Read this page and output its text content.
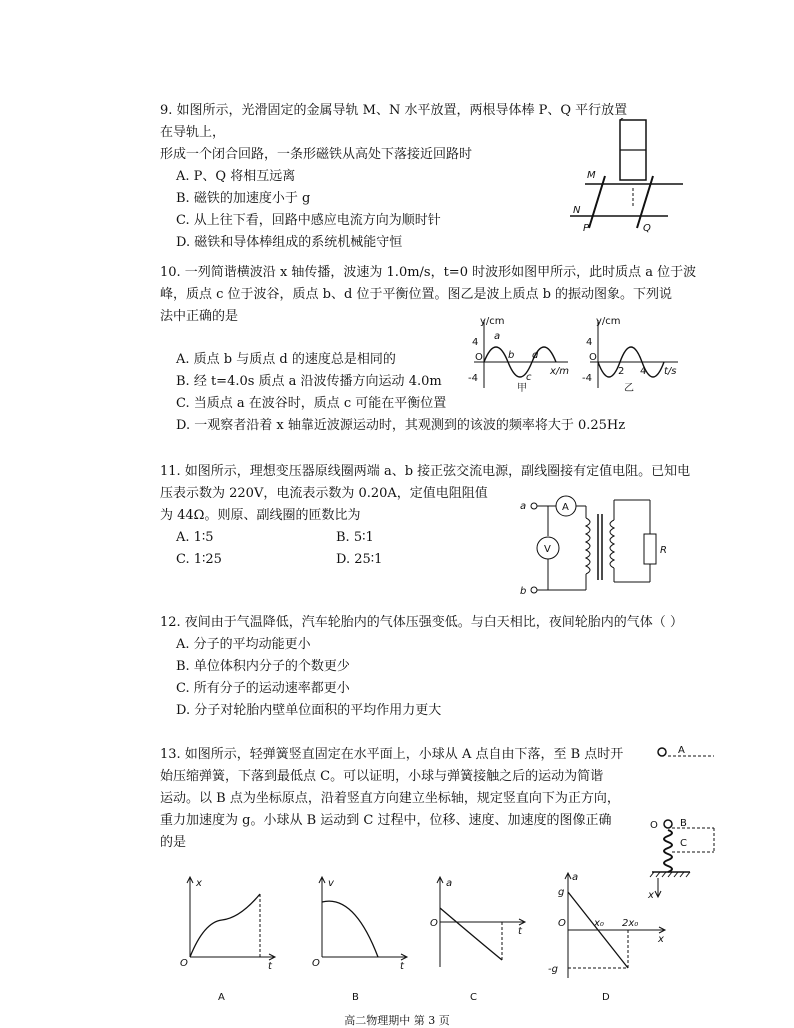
9. 如图所示，光滑固定的金属导轨 M、N 水平放置，两根导体棒 P、Q 平行放置在导轨上，

形成一个闭合回路，一条形磁铁从高处下落接近回路时

A. P、Q 将相互远离

B. 磁铁的加速度小于 g

C. 从上往下看，回路中感应电流方向为顺时针

D. 磁铁和导体棒组成的系统机械能守恒

M
N
P	Q

10. 一列简谐横波沿 x 轴传播，波速为 1.0m/s，t=0 时波形如图甲所示，此时质点 a 位于波

峰，质点 c 位于波谷，质点 b、d 位于平衡位置。图乙是波上质点 b 的振动图象。下列说

法中正确的是

A. 质点 b 与质点 d 的速度总是相同的

B. 经 t=4.0s 质点 a 沿波传播方向运动 4.0m

C. 当质点 a 在波谷时，质点 c 可能在平衡位置

D. 一观察者沿着 x 轴靠近波源运动时，其观测到的该波的频率将大于 0.25Hz

y/cm
4
-4
O
a
b
c
d
x/m
甲
y/cm
4
-4
O
2 4 t/s
乙

11. 如图所示，理想变压器原线圈两端 a、b 接正弦交流电源，副线圈接有定值电阻。已知电

压表示数为 220V，电流表示数为 0.20A，定值电阻阻值

为 44Ω。则原、副线圈的匝数比为

A. 1∶5	B. 5∶1

C. 1∶25	D. 25∶1

a
b
A
V	R

12. 夜间由于气温降低，汽车轮胎内的气体压强变低。与白天相比，夜间轮胎内的气体（ ）

A. 分子的平均动能更小

B. 单位体积内分子的个数更少

C. 所有分子的运动速率都更小

D. 分子对轮胎内壁单位面积的平均作用力更大

13. 如图所示，轻弹簧竖直固定在水平面上，小球从 A 点自由下落，至 B 点时开

始压缩弹簧，下落到最低点 C。可以证明，小球与弹簧接触之后的运动为简谐

运动。以 B 点为坐标原点，沿着竖直方向建立坐标轴，规定竖直向下为正方向，

重力加速度为 g。小球从 B 运动到 C 过程中，位移、速度、加速度的图像正确

的是

A
O B
C
x
x
t
O
A
v
t
O
B
a
t
O
C
a
g
-g
O	x₀ 2x₀
x
D
高二物理期中 第 3 页
